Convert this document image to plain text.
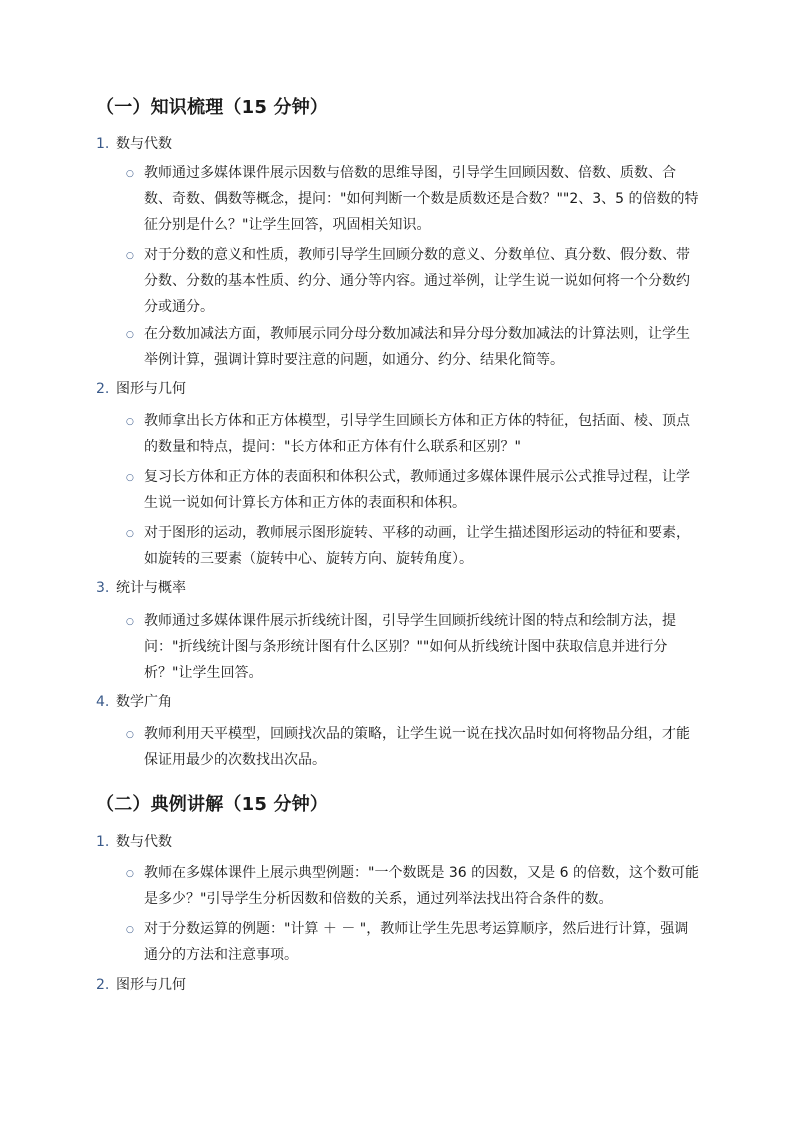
（一）知识梳理（15 分钟）
1. 数与代数
○ 教师通过多媒体课件展示因数与倍数的思维导图，引导学生回顾因数、倍数、质数、合数、奇数、偶数等概念，提问："如何判断一个数是质数还是合数？""2、3、5 的倍数的特征分别是什么？"让学生回答，巩固相关知识。

○ 对于分数的意义和性质，教师引导学生回顾分数的意义、分数单位、真分数、假分数、带分数、分数的基本性质、约分、通分等内容。通过举例，让学生说一说如何将一个分数约分或通分。

○ 在分数加减法方面，教师展示同分母分数加减法和异分母分数加减法的计算法则，让学生举例计算，强调计算时要注意的问题，如通分、约分、结果化简等。

2. 图形与几何
○ 教师拿出长方体和正方体模型，引导学生回顾长方体和正方体的特征，包括面、棱、顶点的数量和特点，提问："长方体和正方体有什么联系和区别？"

○ 复习长方体和正方体的表面积和体积公式，教师通过多媒体课件展示公式推导过程，让学生说一说如何计算长方体和正方体的表面积和体积。

○ 对于图形的运动，教师展示图形旋转、平移的动画，让学生描述图形运动的特征和要素，如旋转的三要素（旋转中心、旋转方向、旋转角度）。

3. 统计与概率
○ 教师通过多媒体课件展示折线统计图，引导学生回顾折线统计图的特点和绘制方法，提问："折线统计图与条形统计图有什么区别？""如何从折线统计图中获取信息并进行分析？"让学生回答。

4. 数学广角
○ 教师利用天平模型，回顾找次品的策略，让学生说一说在找次品时如何将物品分组，才能保证用最少的次数找出次品。

（二）典例讲解（15 分钟）
1. 数与代数
○ 教师在多媒体课件上展示典型例题："一个数既是 36 的因数，又是 6 的倍数，这个数可能是多少？"引导学生分析因数和倍数的关系，通过列举法找出符合条件的数。

○ 对于分数运算的例题："计算 ＋ － "，教师让学生先思考运算顺序，然后进行计算，强调通分的方法和注意事项。

2. 图形与几何
